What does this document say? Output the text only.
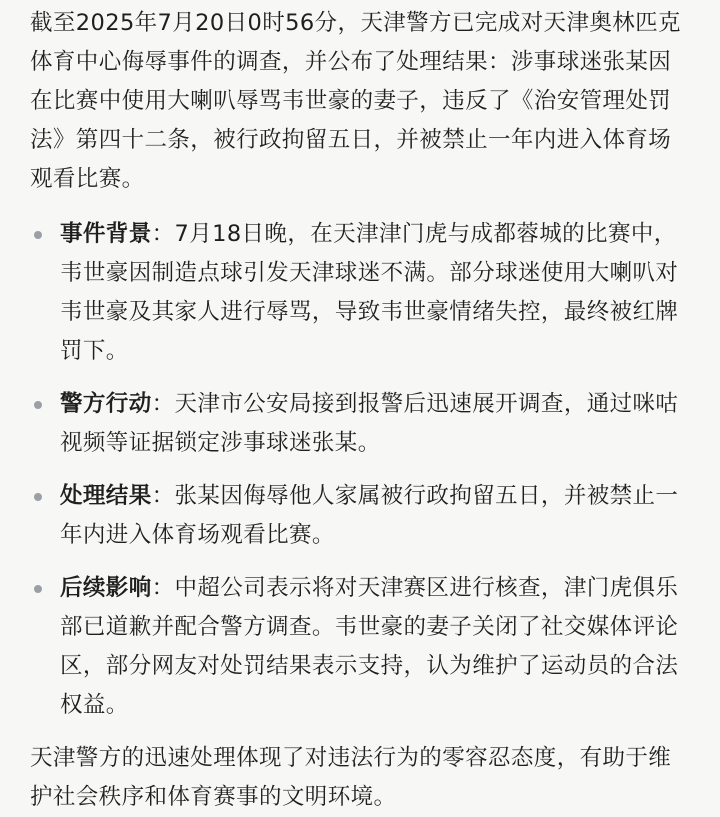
截至2025年7月20日0时56分，天津警方已完成对天津奥林匹克体育中心侮辱事件的调查，并公布了处理结果：涉事球迷张某因在比赛中使用大喇叭辱骂韦世豪的妻子，违反了《治安管理处罚法》第四十二条，被行政拘留五日，并被禁止一年内进入体育场观看比赛。

事件背景：7月18日晚，在天津津门虎与成都蓉城的比赛中，韦世豪因制造点球引发天津球迷不满。部分球迷使用大喇叭对韦世豪及其家人进行辱骂，导致韦世豪情绪失控，最终被红牌罚下。
警方行动：天津市公安局接到报警后迅速展开调查，通过咪咕视频等证据锁定涉事球迷张某。
处理结果：张某因侮辱他人家属被行政拘留五日，并被禁止一年内进入体育场观看比赛。
后续影响：中超公司表示将对天津赛区进行核查，津门虎俱乐部已道歉并配合警方调查。韦世豪的妻子关闭了社交媒体评论区，部分网友对处罚结果表示支持，认为维护了运动员的合法权益。

天津警方的迅速处理体现了对违法行为的零容忍态度，有助于维护社会秩序和体育赛事的文明环境。
